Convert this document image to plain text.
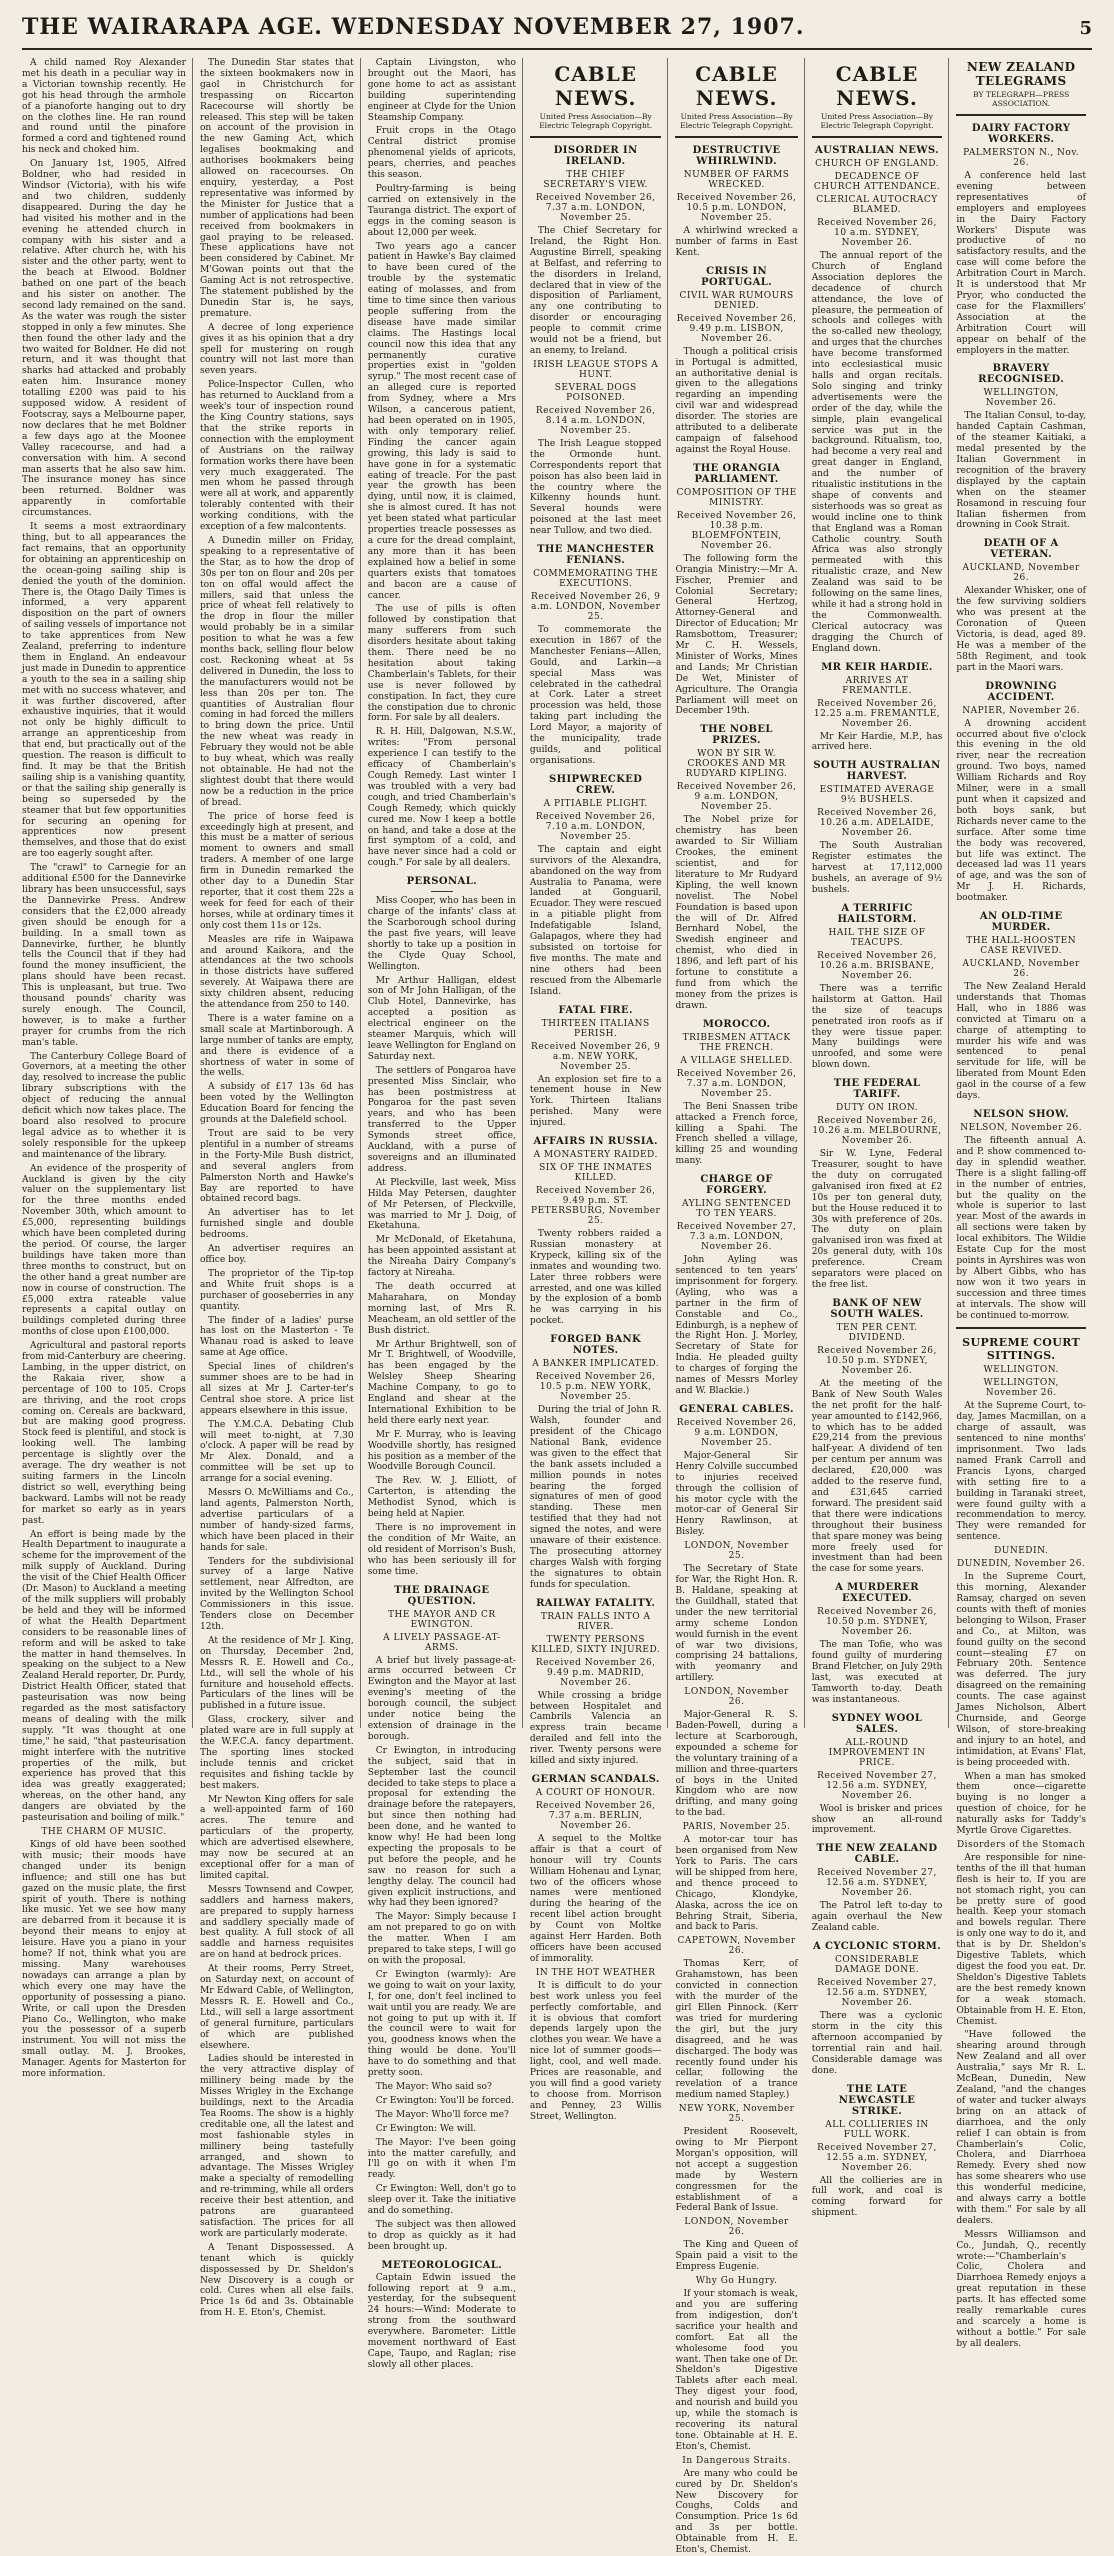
THE WAIRARAPA AGE. WEDNESDAY NOVEMBER 27, 1907.	5

A child named Roy Alexander met his death in a peculiar way in a Victorian township recently. He got his head through the armhole of a pianoforte hanging out to dry on the clothes line. He ran round and round until the pinafore formed a cord and tightened round his neck and choked him.

On January 1st, 1905, Alfred Boldner, who had resided in Windsor (Victoria), with his wife and two children, suddenly disappeared. During the day he had visited his mother and in the evening he attended church in company with his sister and a relative. After church he, with his sister and the other party, went to the beach at Elwood. Boldner bathed on one part of the beach and his sister on another. The second lady remained on the sand. As the water was rough the sister stopped in only a few minutes. She then found the other lady and the two waited for Boldner. He did not return, and it was thought that sharks had attacked and probably eaten him. Insurance money totalling £200 was paid to his supposed widow. A resident of Footscray, says a Melbourne paper, now declares that he met Boldner a few days ago at the Moonee Valley racecourse, and had a conversation with him. A second man asserts that he also saw him. The insurance money has since been returned. Boldner was apparently in comfortable circumstances.

It seems a most extraordinary thing, but to all appearances the fact remains, that an opportunity for obtaining an apprenticeship on the ocean-going sailing ship is denied the youth of the dominion. There is, the Otago Daily Times is informed, a very apparent disposition on the part of owners of sailing vessels of importance not to take apprentices from New Zealand, preferring to indenture them in England. An endeavour just made in Dunedin to apprentice a youth to the sea in a sailing ship met with no success whatever, and it was further discovered, after exhaustive inquiries, that it would not only be highly difficult to arrange an apprenticeship from that end, but practically out of the question. The reason is difficult to find. It may be that the British sailing ship is a vanishing quantity, or that the sailing ship generally is being so superseded by the steamer that but few opportunities for securing an opening for apprentices now present themselves, and those that do exist are too eagerly sought after.

The "crawl" to Carnegie for an additional £500 for the Dannevirke library has been unsuccessful, says the Dannevirke Press. Andrew considers that the £2,000 already given should be enough for a building. In a small town as Dannevirke, further, he bluntly tells the Council that if they had found the money insufficient, the plans should have been recast. This is unpleasant, but true. Two thousand pounds' charity was surely enough. The Council, however, is to make a further prayer for crumbs from the rich man's table.

The Canterbury College Board of Governors, at a meeting the other day, resolved to increase the public library subscriptions with the object of reducing the annual deficit which now takes place. The board also resolved to procure legal advice as to whether it is solely responsible for the upkeep and maintenance of the library.

An evidence of the prosperity of Auckland is given by the city valuer on the supplementary list for the three months ended November 30th, which amount to £5,000, representing buildings which have been completed during the period. Of course, the larger buildings have taken more than three months to construct, but on the other hand a great number are now in course of construction. The £5,000 extra rateable value represents a capital outlay on buildings completed during three months of close upon £100,000.

Agricultural and pastoral reports from mid-Canterbury are cheering. Lambing, in the upper district, on the Rakaia river, show a percentage of 100 to 105. Crops are thriving, and the root crops coming on. Cereals are backward, but are making good progress. Stock feed is plentiful, and stock is looking well. The lambing percentage is slightly over the average. The dry weather is not suiting farmers in the Lincoln district so well, everything being backward. Lambs will not be ready for market so early as in years past.

An effort is being made by the Health Department to inaugurate a scheme for the improvement of the milk supply of Auckland. During the visit of the Chief Health Officer (Dr. Mason) to Auckland a meeting of the milk suppliers will probably be held and they will be informed of what the Health Department considers to be reasonable lines of reform and will be asked to take the matter in hand themselves. In speaking on the subject to a New Zealand Herald reporter, Dr. Purdy, District Health Officer, stated that pasteurisation was now being regarded as the most satisfactory means of dealing with the milk supply. "It was thought at one time," he said, "that pasteurisation might interfere with the nutritive properties of the milk, but experience has proved that this idea was greatly exaggerated; whereas, on the other hand, any dangers are obviated by the pasteurisation and boiling of milk."

THE CHARM OF MUSIC.

Kings of old have been soothed with music; their moods have changed under its benign influence; and still one has but gazed on the music plate, the first spirit of youth. There is nothing like music. Yet we see how many are debarred from it because it is beyond their means to enjoy at leisure. Have you a piano in your home? If not, think what you are missing. Many warehouses nowadays can arrange a plan by which every one may have the opportunity of possessing a piano. Write, or call upon the Dresden Piano Co., Wellington, who make you the possessor of a superb instrument. You will not miss the small outlay. M. J. Brookes, Manager. Agents for Masterton for more information.

The Dunedin Star states that the sixteen bookmakers now in gaol in Christchurch for trespassing on Riccarton Racecourse will shortly be released. This step will be taken on account of the provision in the new Gaming Act, which legalises bookmaking and authorises bookmakers being allowed on racecourses. On enquiry, yesterday, a Post representative was informed by the Minister for Justice that a number of applications had been received from bookmakers in gaol praying to be released. These applications have not been considered by Cabinet. Mr M'Gowan points out that the Gaming Act is not retrospective. The statement published by the Dunedin Star is, he says, premature.

A decree of long experience gives it as his opinion that a dry spell for mustering on rough country will not last more than seven years.

Police-Inspector Cullen, who has returned to Auckland from a week's tour of inspection round the King Country stations, says that the strike reports in connection with the employment of Austrians on the railway formation works there have been very much exaggerated. The men whom he passed through were all at work, and apparently tolerably contented with their working conditions, with the exception of a few malcontents.

A Dunedin miller on Friday, speaking to a representative of the Star, as to how the drop of 30s per ton on flour and 20s per ton on offal would affect the millers, said that unless the price of wheat fell relatively to the drop in flour the miller would probably be in a similar position to what he was a few months back, selling flour below cost. Reckoning wheat at 5s delivered in Dunedin, the loss to the manufacturers would not be less than 20s per ton. The quantities of Australian flour coming in had forced the millers to bring down the price. Until the new wheat was ready in February they would not be able to buy wheat, which was really not obtainable. He had not the slightest doubt that there would now be a reduction in the price of bread.

The price of horse feed is exceedingly high at present, and this must be a matter of serious moment to owners and small traders. A member of one large firm in Dunedin remarked the other day to a Dunedin Star reporter, that it cost them 22s a week for feed for each of their horses, while at ordinary times it only cost them 11s or 12s.

Measles are rife in Waipawa and around Kaikora, and the attendances at the two schools in those districts have suffered severely. At Waipawa there are sixty children absent, reducing the attendance from 250 to 140.

There is a water famine on a small scale at Martinborough. A large number of tanks are empty, and there is evidence of a shortness of water in some of the wells.

A subsidy of £17 13s 6d has been voted by the Wellington Education Board for fencing the grounds at the Dalefield school.

Trout are said to be very plentiful in a number of streams in the Forty-Mile Bush district, and several anglers from Palmerston North and Hawke's Bay are reported to have obtained record bags.

An advertiser has to let furnished single and double bedrooms.

An advertiser requires an office boy.

The proprietor of the Tip-top and White fruit shops is a purchaser of gooseberries in any quantity.

The finder of a ladies' purse has lost on the Masterton - Te Whanau road is asked to leave same at Age office.

Special lines of children's summer shoes are to be had in all sizes at Mr J. Carter-ter's Central shoe store. A price list appears elsewhere in this issue.

The Y.M.C.A. Debating Club will meet to-night, at 7.30 o'clock. A paper will be read by Mr Alex. Donald, and a committee will be set up to arrange for a social evening.

Messrs O. McWilliams and Co., land agents, Palmerston North, advertise particulars of a number of handy-sized farms, which have been placed in their hands for sale.

Tenders for the subdivisional survey of a large Native settlement, near Alfredton, are invited by the Wellington School Commissioners in this issue. Tenders close on December 12th.

At the residence of Mr J. King, on Thursday, December 2nd, Messrs R. E. Howell and Co., Ltd., will sell the whole of his furniture and household effects. Particulars of the lines will be published in a future issue.

Glass, crockery, silver and plated ware are in full supply at the W.F.C.A. fancy department. The sporting lines stocked include tennis and cricket requisites and fishing tackle by best makers.

Mr Newton King offers for sale a well-appointed farm of 160 acres. The tenure and particulars of the property, which are advertised elsewhere, may now be secured at an exceptional offer for a man of limited capital.

Messrs Townsend and Cowper, saddlers and harness makers, are prepared to supply harness and saddlery specially made of best quality. A full stock of all saddle and harness requisites are on hand at bedrock prices.

At their rooms, Perry Street, on Saturday next, on account of Mr Edward Cable, of Wellington, Messrs R. E. Howell and Co., Ltd., will sell a large assortment of general furniture, particulars of which are published elsewhere.

Ladies should be interested in the very attractive display of millinery being made by the Misses Wrigley in the Exchange buildings, next to the Arcadia Tea Rooms. The show is a highly creditable one, all the latest and most fashionable styles in millinery being tastefully arranged, and shown to advantage. The Misses Wrigley make a specialty of remodelling and re-trimming, while all orders receive their best attention, and patrons are guaranteed satisfaction. The prices for all work are particularly moderate.

A Tenant Dispossessed. A tenant which is quickly dispossessed by Dr. Sheldon's New Discovery is a cough or cold. Cures when all else fails. Price 1s 6d and 3s. Obtainable from H. E. Eton's, Chemist.

Captain Livingston, who brought out the Maori, has gone home to act as assistant building superintending engineer at Clyde for the Union Steamship Company.

Fruit crops in the Otago Central district promise phenomenal yields of apricots, pears, cherries, and peaches this season.

Poultry-farming is being carried on extensively in the Tauranga district. The export of eggs in the coming season is about 12,000 per week.

Two years ago a cancer patient in Hawke's Bay claimed to have been cured of the trouble by the systematic eating of molasses, and from time to time since then various people suffering from the disease have made similar claims. The Hastings local council now this idea that any permanently curative properties exist in "golden syrup." The most recent case of an alleged cure is reported from Sydney, where a Mrs Wilson, a cancerous patient, had been operated on in 1905, with only temporary relief. Finding the cancer again growing, this lady is said to have gone in for a systematic eating of treacle. For the past year the growth has been dying, until now, it is claimed, she is almost cured. It has not yet been stated what particular properties treacle possesses as a cure for the dread complaint, any more than it has been explained how a belief in some quarters exists that tomatoes and bacon are a cause of cancer.

The use of pills is often followed by constipation that many sufferers from such disorders hesitate about taking them. There need be no hesitation about taking Chamberlain's Tablets, for their use is never followed by constipation. In fact, they cure the constipation due to chronic form. For sale by all dealers.

R. H. Hill, Dalgowan, N.S.W., writes: "From personal experience I can testify to the efficacy of Chamberlain's Cough Remedy. Last winter I was troubled with a very bad cough, and tried Chamberlain's Cough Remedy, which quickly cured me. Now I keep a bottle on hand, and take a dose at the first symptom of a cold, and have never since had a cold or cough." For sale by all dealers.

PERSONAL.

Miss Cooper, who has been in charge of the infants' class at the Scarborough school during the past five years, will leave shortly to take up a position in the Clyde Quay School, Wellington.

Mr Arthur Halligan, eldest son of Mr John Halligan, of the Club Hotel, Dannevirke, has accepted a position as electrical engineer on the steamer Marquis, which will leave Wellington for England on Saturday next.

The settlers of Pongaroa have presented Miss Sinclair, who has been postmistress at Pongaroa for the past seven years, and who has been transferred to the Upper Symonds street office, Auckland, with a purse of sovereigns and an illuminated address.

At Pleckville, last week, Miss Hilda May Petersen, daughter of Mr Petersen, of Pleckville, was married to Mr J. Doig, of Eketahuna.

Mr McDonald, of Eketahuna, has been appointed assistant at the Nireaha Dairy Company's factory at Nireaha.

The death occurred at Maharahara, on Monday morning last, of Mrs R. Meacheam, an old settler of the Bush district.

Mr Arthur Brightwell, son of Mr T. Brightwell, of Woodville, has been engaged by the Welsley Sheep Shearing Machine Company, to go to England and shear at the International Exhibition to be held there early next year.

Mr F. Murray, who is leaving Woodville shortly, has resigned his position as a member of the Woodville Borough Council.

The Rev. W. J. Elliott, of Carterton, is attending the Methodist Synod, which is being held at Napier.

There is no improvement in the condition of Mr Waite, an old resident of Morrison's Bush, who has been seriously ill for some time.

THE DRAINAGE QUESTION.
THE MAYOR AND CR EWINGTON.
A LIVELY PASSAGE-AT-ARMS.

A brief but lively passage-at-arms occurred between Cr Ewington and the Mayor at last evening's meeting of the borough council, the subject under notice being the extension of drainage in the borough.

Cr Ewington, in introducing the subject, said that in September last the council decided to take steps to place a proposal for extending the drainage before the ratepayers, but since then nothing had been done, and he wanted to know why! He had been long expecting the proposals to be put before the people, and he saw no reason for such a lengthy delay. The council had given explicit instructions, and why had they been ignored?

The Mayor: Simply because I am not prepared to go on with the matter. When I am prepared to take steps, I will go on with the proposal.

Cr Ewington (warmly): Are we going to wait on your laxity, I, for one, don't feel inclined to wait until you are ready. We are not going to put up with it. If the council were to wait for you, goodness knows when the thing would be done. You'll have to do something and that pretty soon.

The Mayor: Who said so?

Cr Ewington: You'll be forced.

The Mayor: Who'll force me?

Cr Ewington: We will.

The Mayor: I've been going into the matter carefully, and I'll go on with it when I'm ready.

Cr Ewington: Well, don't go to sleep over it. Take the initiative and do something.

The subject was then allowed to drop as quickly as it had been brought up.

METEOROLOGICAL.

Captain Edwin issued the following report at 9 a.m., yesterday, for the subsequent 24 hours:—Wind: Moderate to strong from the southward everywhere. Barometer: Little movement northward of East Cape, Taupo, and Raglan; rise slowly all other places.

CABLE NEWS.
United Press Association—By Electric Telegraph Copyright.
DISORDER IN IRELAND.
THE CHIEF SECRETARY'S VIEW.
Received November 26, 7.37 a.m. LONDON, November 25.

The Chief Secretary for Ireland, the Right Hon. Augustine Birrell, speaking at Belfast, and referring to the disorders in Ireland, declared that in view of the disposition of Parliament, any one contributing to disorder or encouraging people to commit crime would not be a friend, but an enemy, to Ireland.

IRISH LEAGUE STOPS A HUNT.
SEVERAL DOGS POISONED.
Received November 26, 8.14 a.m. LONDON, November 25.

The Irish League stopped the Ormonde hunt. Correspondents report that poison has also been laid in the country where the Kilkenny hounds hunt. Several hounds were poisoned at the last meet near Tullow, and two died.

THE MANCHESTER FENIANS.
COMMEMORATING THE EXECUTIONS.
Received November 26, 9 a.m. LONDON, November 25.

To commemorate the execution in 1867 of the Manchester Fenians—Allen, Gould, and Larkin—a special Mass was celebrated in the cathedral at Cork. Later a street procession was held, those taking part including the Lord Mayor, a majority of the municipality, trade guilds, and political organisations.

SHIPWRECKED CREW.
A PITIABLE PLIGHT.
Received November 26, 7.10 a.m. LONDON, November 25.

The captain and eight survivors of the Alexandra, abandoned on the way from Australia to Panama, were landed at Gonguaril, Ecuador. They were rescued in a pitiable plight from Indefatigable Island, Galapagos, where they had subsisted on tortoise for five months. The mate and nine others had been rescued from the Albemarle Island.

FATAL FIRE.
THIRTEEN ITALIANS PERISH.
Received November 26, 9 a.m. NEW YORK, November 25.

An explosion set fire to a tenement house in New York. Thirteen Italians perished. Many were injured.

AFFAIRS IN RUSSIA.
A MONASTERY RAIDED.
SIX OF THE INMATES KILLED.
Received November 26, 9.49 p.m. ST. PETERSBURG, November 25.

Twenty robbers raided a Russian monastery at Krypeck, killing six of the inmates and wounding two. Later three robbers were arrested, and one was killed by the explosion of a bomb he was carrying in his pocket.

FORGED BANK NOTES.
A BANKER IMPLICATED.
Received November 26, 10.5 p.m. NEW YORK, November 25.

During the trial of John R. Walsh, founder and president of the Chicago National Bank, evidence was given to the effect that the bank assets included a million pounds in notes bearing the forged signatures of men of good standing. These men testified that they had not signed the notes, and were unaware of their existence. The prosecuting attorney charges Walsh with forging the signatures to obtain funds for speculation.

RAILWAY FATALITY.
TRAIN FALLS INTO A RIVER.
TWENTY PERSONS KILLED, SIXTY INJURED.
Received November 26, 9.49 p.m. MADRID, November 26.

While crossing a bridge between Hospitalet and Cambrils Valencia an express train became derailed and fell into the river. Twenty persons were killed and sixty injured.

GERMAN SCANDALS.
A COURT OF HONOUR.
Received November 26, 7.37 a.m. BERLIN, November 26.

A sequel to the Moltke affair is that a court of honour will try Counts William Hohenau and Lynar, two of the officers whose names were mentioned during the hearing of the recent libel action brought by Count von Moltke against Herr Harden. Both officers have been accused of immorality.

IN THE HOT WEATHER

It is difficult to do your best work unless you feel perfectly comfortable, and it is obvious that comfort depends largely upon the clothes you wear. We have a nice lot of summer goods—light, cool, and well made. Prices are reasonable, and you will find a good variety to choose from. Morrison and Penney, 23 Willis Street, Wellington.

CABLE NEWS.
United Press Association—By Electric Telegraph Copyright.
DESTRUCTIVE WHIRLWIND.
NUMBER OF FARMS WRECKED.
Received November 26, 10.5 p.m. LONDON, November 25.

A whirlwind wrecked a number of farms in East Kent.

CRISIS IN PORTUGAL.
CIVIL WAR RUMOURS DENIED.
Received November 26, 9.49 p.m. LISBON, November 26.

Though a political crisis in Portugal is admitted, an authoritative denial is given to the allegations regarding an impending civil war and widespread disorder. The stories are attributed to a deliberate campaign of falsehood against the Royal House.

THE ORANGIA PARLIAMENT.
COMPOSITION OF THE MINISTRY.
Received November 26, 10.38 p.m. BLOEMFONTEIN, November 26.

The following form the Orangia Ministry:—Mr A. Fischer, Premier and Colonial Secretary; General Hertzog, Attorney-General and Director of Education; Mr Ramsbottom, Treasurer; Mr C. H. Wessels, Minister of Works, Mines and Lands; Mr Christian De Wet, Minister of Agriculture. The Orangia Parliament will meet on December 19th.

THE NOBEL PRIZES.
WON BY SIR W. CROOKES AND MR RUDYARD KIPLING.
Received November 26, 9 a.m. LONDON, November 25.

The Nobel prize for chemistry has been awarded to Sir William Crookes, the eminent scientist, and for literature to Mr Rudyard Kipling, the well known novelist. The Nobel Foundation is based upon the will of Dr. Alfred Bernhard Nobel, the Swedish engineer and chemist, who died in 1896, and left part of his fortune to constitute a fund from which the money from the prizes is drawn.

MOROCCO.
TRIBESMEN ATTACK THE FRENCH.
A VILLAGE SHELLED.
Received November 26, 7.37 a.m. LONDON, November 25.

The Beni Snassen tribe attacked a French force, killing a Spahi. The French shelled a village, killing 25 and wounding many.

CHARGE OF FORGERY.
AYLING SENTENCED TO TEN YEARS.
Received November 27, 7.3 a.m. LONDON, November 26.

John Ayling was sentenced to ten years' imprisonment for forgery. (Ayling, who was a partner in the firm of Constable and Co., Edinburgh, is a nephew of the Right Hon. J. Morley, Secretary of State for India. He pleaded guilty to charges of forging the names of Messrs Morley and W. Blackie.)

GENERAL CABLES.
Received November 26, 9 a.m. LONDON, November 25.

Major-General Sir Henry Colville succumbed to injuries received through the collision of his motor cycle with the motor-car of General Sir Henry Rawlinson, at Bisley.

LONDON, November 25.

The Secretary of State for War, the Right Hon. R. B. Haldane, speaking at the Guildhall, stated that under the new territorial army scheme London would furnish in the event of war two divisions, comprising 24 battalions, with yeomanry and artillery.

LONDON, November 26.

Major-General R. S. Baden-Powell, during a lecture at Scarborough, expounded a scheme for the voluntary training of a million and three-quarters of boys in the United Kingdom who are now drifting, and many going to the bad.

PARIS, November 25.

A motor-car tour has been organised from New York to Paris. The cars will be shipped from here, and thence proceed to Chicago, Klondyke, Alaska, across the ice on Behring Strait, Siberia, and back to Paris.

CAPETOWN, November 26.

Thomas Kerr, of Grahamstown, has been convicted in connection with the murder of the girl Ellen Pinnock. (Kerr was tried for murdering the girl, but the jury disagreed, and he was discharged. The body was recently found under his cellar, following the revelation of a trance medium named Stapley.)

NEW YORK, November 25.

President Roosevelt, owing to Mr Pierpont Morgan's opposition, will not accept a suggestion made by Western congressmen for the establishment of a Federal Bank of Issue.

LONDON, November 26.

The King and Queen of Spain paid a visit to the Empress Eugenie.

Why Go Hungry.

If your stomach is weak, and you are suffering from indigestion, don't sacrifice your health and comfort. Eat all the wholesome food you want. Then take one of Dr. Sheldon's Digestive Tablets after each meal. They digest your food, and nourish and build you up, while the stomach is recovering its natural tone. Obtainable at H. E. Eton's, Chemist.

In Dangerous Straits.

Are many who could be cured by Dr. Sheldon's New Discovery for Coughs, Colds and Consumption. Price 1s 6d and 3s per bottle. Obtainable from H. E. Eton's, Chemist.

CABLE NEWS.
United Press Association—By Electric Telegraph Copyright.
AUSTRALIAN NEWS.
CHURCH OF ENGLAND.
DECADENCE OF CHURCH ATTENDANCE.
CLERICAL AUTOCRACY BLAMED.
Received November 26, 10 a.m. SYDNEY, November 26.

The annual report of the Church of England Association deplores the decadence of church attendance, the love of pleasure, the permeation of schools and colleges with the so-called new theology, and urges that the churches have become transformed into ecclesiastical music halls and organ recitals. Solo singing and trinky advertisements were the order of the day, while the simple, plain evangelical service was put in the background. Ritualism, too, had become a very real and great danger in England, and the number of ritualistic institutions in the shape of convents and sisterhoods was so great as would incline one to think that England was a Roman Catholic country. South Africa was also strongly permeated with this ritualistic craze, and New Zealand was said to be following on the same lines, while it had a strong hold in the Commonwealth. Clerical autocracy was dragging the Church of England down.

MR KEIR HARDIE.
ARRIVES AT FREMANTLE.
Received November 26, 12.25 a.m. FREMANTLE, November 26.

Mr Keir Hardie, M.P., has arrived here.

SOUTH AUSTRALIAN HARVEST.
ESTIMATED AVERAGE 9½ BUSHELS.
Received November 26, 10.26 a.m. ADELAIDE, November 26.

The South Australian Register estimates the harvest at 17,112,000 bushels, an average of 9½ bushels.

A TERRIFIC HAILSTORM.
HAIL THE SIZE OF TEACUPS.
Received November 26, 10.26 a.m. BRISBANE, November 26.

There was a terrific hailstorm at Gatton. Hail the size of teacups penetrated iron roofs as if they were tissue paper. Many buildings were unroofed, and some were blown down.

THE FEDERAL TARIFF.
DUTY ON IRON.
Received November 26, 10.26 a.m. MELBOURNE, November 26.

Sir W. Lyne, Federal Treasurer, sought to have the duty on corrugated galvanised iron fixed at £2 10s per ton general duty, but the House reduced it to 30s with preference of 20s. The duty on plain galvanised iron was fixed at 20s general duty, with 10s preference. Cream separators were placed on the free list.

BANK OF NEW SOUTH WALES.
TEN PER CENT. DIVIDEND.
Received November 26, 10.50 p.m. SYDNEY, November 26.

At the meeting of the Bank of New South Wales the net profit for the half-year amounted to £142,966, to which has to be added £29,214 from the previous half-year. A dividend of ten per centum per annum was declared, £20,000 was added to the reserve fund, and £31,645 carried forward. The president said that there were indications throughout their business that spare money was being more freely used for investment than had been the case for some years.

A MURDERER EXECUTED.
Received November 26, 10.50 p.m. SYDNEY, November 26.

The man Tofie, who was found guilty of murdering Brand Fletcher, on July 29th last, was executed at Tamworth to-day. Death was instantaneous.

SYDNEY WOOL SALES.
ALL-ROUND IMPROVEMENT IN PRICE.
Received November 27, 12.56 a.m. SYDNEY, November 26.

Wool is brisker and prices show an all-round improvement.

THE NEW ZEALAND CABLE.
Received November 27, 12.56 a.m. SYDNEY, November 26.

The Patrol left to-day to again overhaul the New Zealand cable.

A CYCLONIC STORM.
CONSIDERABLE DAMAGE DONE.
Received November 27, 12.56 a.m. SYDNEY, November 26.

There was a cyclonic storm in the city this afternoon accompanied by torrential rain and hail. Considerable damage was done.

THE LATE NEWCASTLE STRIKE.
ALL COLLIERIES IN FULL WORK.
Received November 27, 12.55 a.m. SYDNEY, November 26.

All the collieries are in full work, and coal is coming forward for shipment.

NEW ZEALAND TELEGRAMS
BY TELEGRAPH—PRESS ASSOCIATION.
DAIRY FACTORY WORKERS.
PALMERSTON N., Nov. 26.

A conference held last evening between representatives of employers and employees in the Dairy Factory Workers' Dispute was productive of no satisfactory results, and the case will come before the Arbitration Court in March. It is understood that Mr Pryor, who conducted the case for the Flaxmillers' Association at the Arbitration Court will appear on behalf of the employers in the matter.

BRAVERY RECOGNISED.
WELLINGTON, November 26.

The Italian Consul, to-day, handed Captain Cashman, of the steamer Kaitiaki, a medal presented by the Italian Government in recognition of the bravery displayed by the captain when on the steamer Rosamond in rescuing four Italian fishermen from drowning in Cook Strait.

DEATH OF A VETERAN.
AUCKLAND, November 26.

Alexander Whisker, one of the few surviving soldiers who was present at the Coronation of Queen Victoria, is dead, aged 89. He was a member of the 58th Regiment, and took part in the Maori wars.

DROWNING ACCIDENT.
NAPIER, November 26.

A drowning accident occurred about five o'clock this evening in the old river, near the recreation ground. Two boys, named William Richards and Roy Milner, were in a small punt when it capsized and both boys sank, but Richards never came to the surface. After some time the body was recovered, but life was extinct. The deceased lad was 11 years of age, and was the son of Mr J. H. Richards, bootmaker.

AN OLD-TIME MURDER.
THE HALL-HOOSTEN CASE REVIVED.
AUCKLAND, November 26.

The New Zealand Herald understands that Thomas Hall, who in 1886 was convicted at Timaru on a charge of attempting to murder his wife and was sentenced to penal servitude for life, will be liberated from Mount Eden gaol in the course of a few days.

NELSON SHOW.
NELSON, November 26.

The fifteenth annual A. and P. show commenced to-day in splendid weather. There is a slight falling-off in the number of entries, but the quality on the whole is superior to last year. Most of the awards in all sections were taken by local exhibitors. The Wildie Estate Cup for the most points in Ayrshires was won by Albert Gibbs, who has now won it two years in succession and three times at intervals. The show will be continued to-morrow.

SUPREME COURT SITTINGS.
WELLINGTON.
WELLINGTON, November 26.

At the Supreme Court, to-day, James Macmillan, on a charge of assault, was sentenced to nine months' imprisonment. Two lads named Frank Carroll and Francis Lyons, charged with setting fire to a building in Taranaki street, were found guilty with a recommendation to mercy. They were remanded for sentence.

DUNEDIN.
DUNEDIN, November 26.

In the Supreme Court, this morning, Alexander Ramsay, charged on seven counts with theft of monies belonging to Wilson, Fraser and Co., at Milton, was found guilty on the second count—stealing £7 on February 20th. Sentence was deferred. The jury disagreed on the remaining counts. The case against James Nicholson, Albert Churnside, and George Wilson, of store-breaking and injury to an hotel, and intimidation, at Evans' Flat, is being proceeded with.

When a man has smoked them once—cigarette buying is no longer a question of choice, for he naturally asks for Taddy's Myrtle Grove Cigarettes.

Disorders of the Stomach

Are responsible for nine-tenths of the ill that human flesh is heir to. If you are not stomach right, you can be pretty sure of good health. Keep your stomach and bowels regular. There is only one way to do it, and that is by Dr. Sheldon's Digestive Tablets, which digest the food you eat. Dr. Sheldon's Digestive Tablets are the best remedy known for a weak stomach. Obtainable from H. E. Eton, Chemist.

"Have followed the shearing around through New Zealand and all over Australia," says Mr R. L. McBean, Dunedin, New Zealand, "and the changes of water and tucker always bring on an attack of diarrhoea, and the only relief I can obtain is from Chamberlain's Colic, Cholera, and Diarrhoea Remedy. Every shed now has some shearers who use this wonderful medicine, and always carry a bottle with them." For sale by all dealers.

Messrs Williamson and Co., Jundah, Q., recently wrote:—"Chamberlain's Colic, Cholera and Diarrhoea Remedy enjoys a great reputation in these parts. It has effected some really remarkable cures and scarcely a home is without a bottle." For sale by all dealers.
